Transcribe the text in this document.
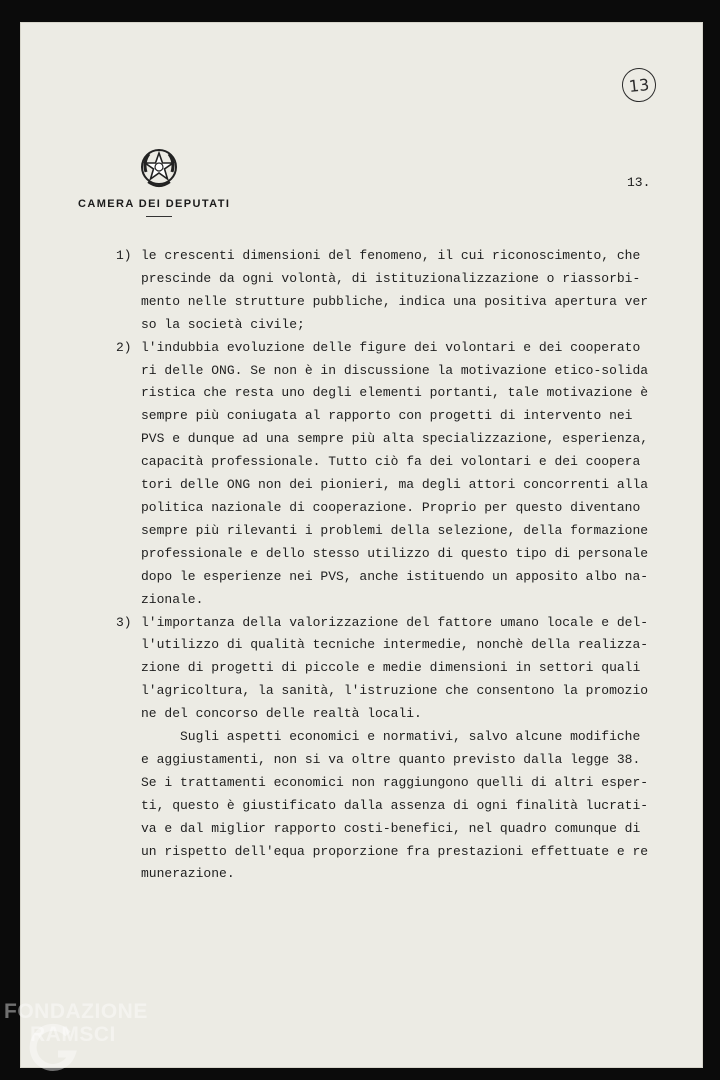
13
CAMERA DEI DEPUTATI
13.
1) le crescenti dimensioni del fenomeno, il cui riconoscimento, che
prescinde da ogni volontà, di istituzionalizzazione o riassorbi-
mento nelle strutture pubbliche, indica una positiva apertura ver
so la società civile;
2) l'indubbia evoluzione delle figure dei volontari e dei cooperato
ri delle ONG. Se non è in discussione la motivazione etico-solida
ristica che resta uno degli elementi portanti, tale motivazione è
sempre più coniugata al rapporto con progetti di intervento nei
PVS e dunque ad una sempre più alta specializzazione, esperienza,
capacità professionale. Tutto ciò fa dei volontari e dei coopera
tori delle ONG non dei pionieri, ma degli attori concorrenti alla
politica nazionale di cooperazione. Proprio per questo diventano
sempre più rilevanti i problemi della selezione, della formazione
professionale e dello stesso utilizzo di questo tipo di personale
dopo le esperienze nei PVS, anche istituendo un apposito albo na-
zionale.
3) l'importanza della valorizzazione del fattore umano locale e del-
l'utilizzo di qualità tecniche intermedie, nonchè della realizza-
zione di progetti di piccole e medie dimensioni in settori quali
l'agricoltura, la sanità, l'istruzione che consentono la promozio
ne del concorso delle realtà locali.
Sugli aspetti economici e normativi, salvo alcune modifiche
e aggiustamenti, non si va oltre quanto previsto dalla legge 38.
Se i trattamenti economici non raggiungono quelli di altri esper-
ti, questo è giustificato dalla assenza di ogni finalità lucrati-
va e dal miglior rapporto costi-benefici, nel quadro comunque di
un rispetto dell'equa proporzione fra prestazioni effettuate e re
munerazione.
FONDAZIONE
RAMSCI
